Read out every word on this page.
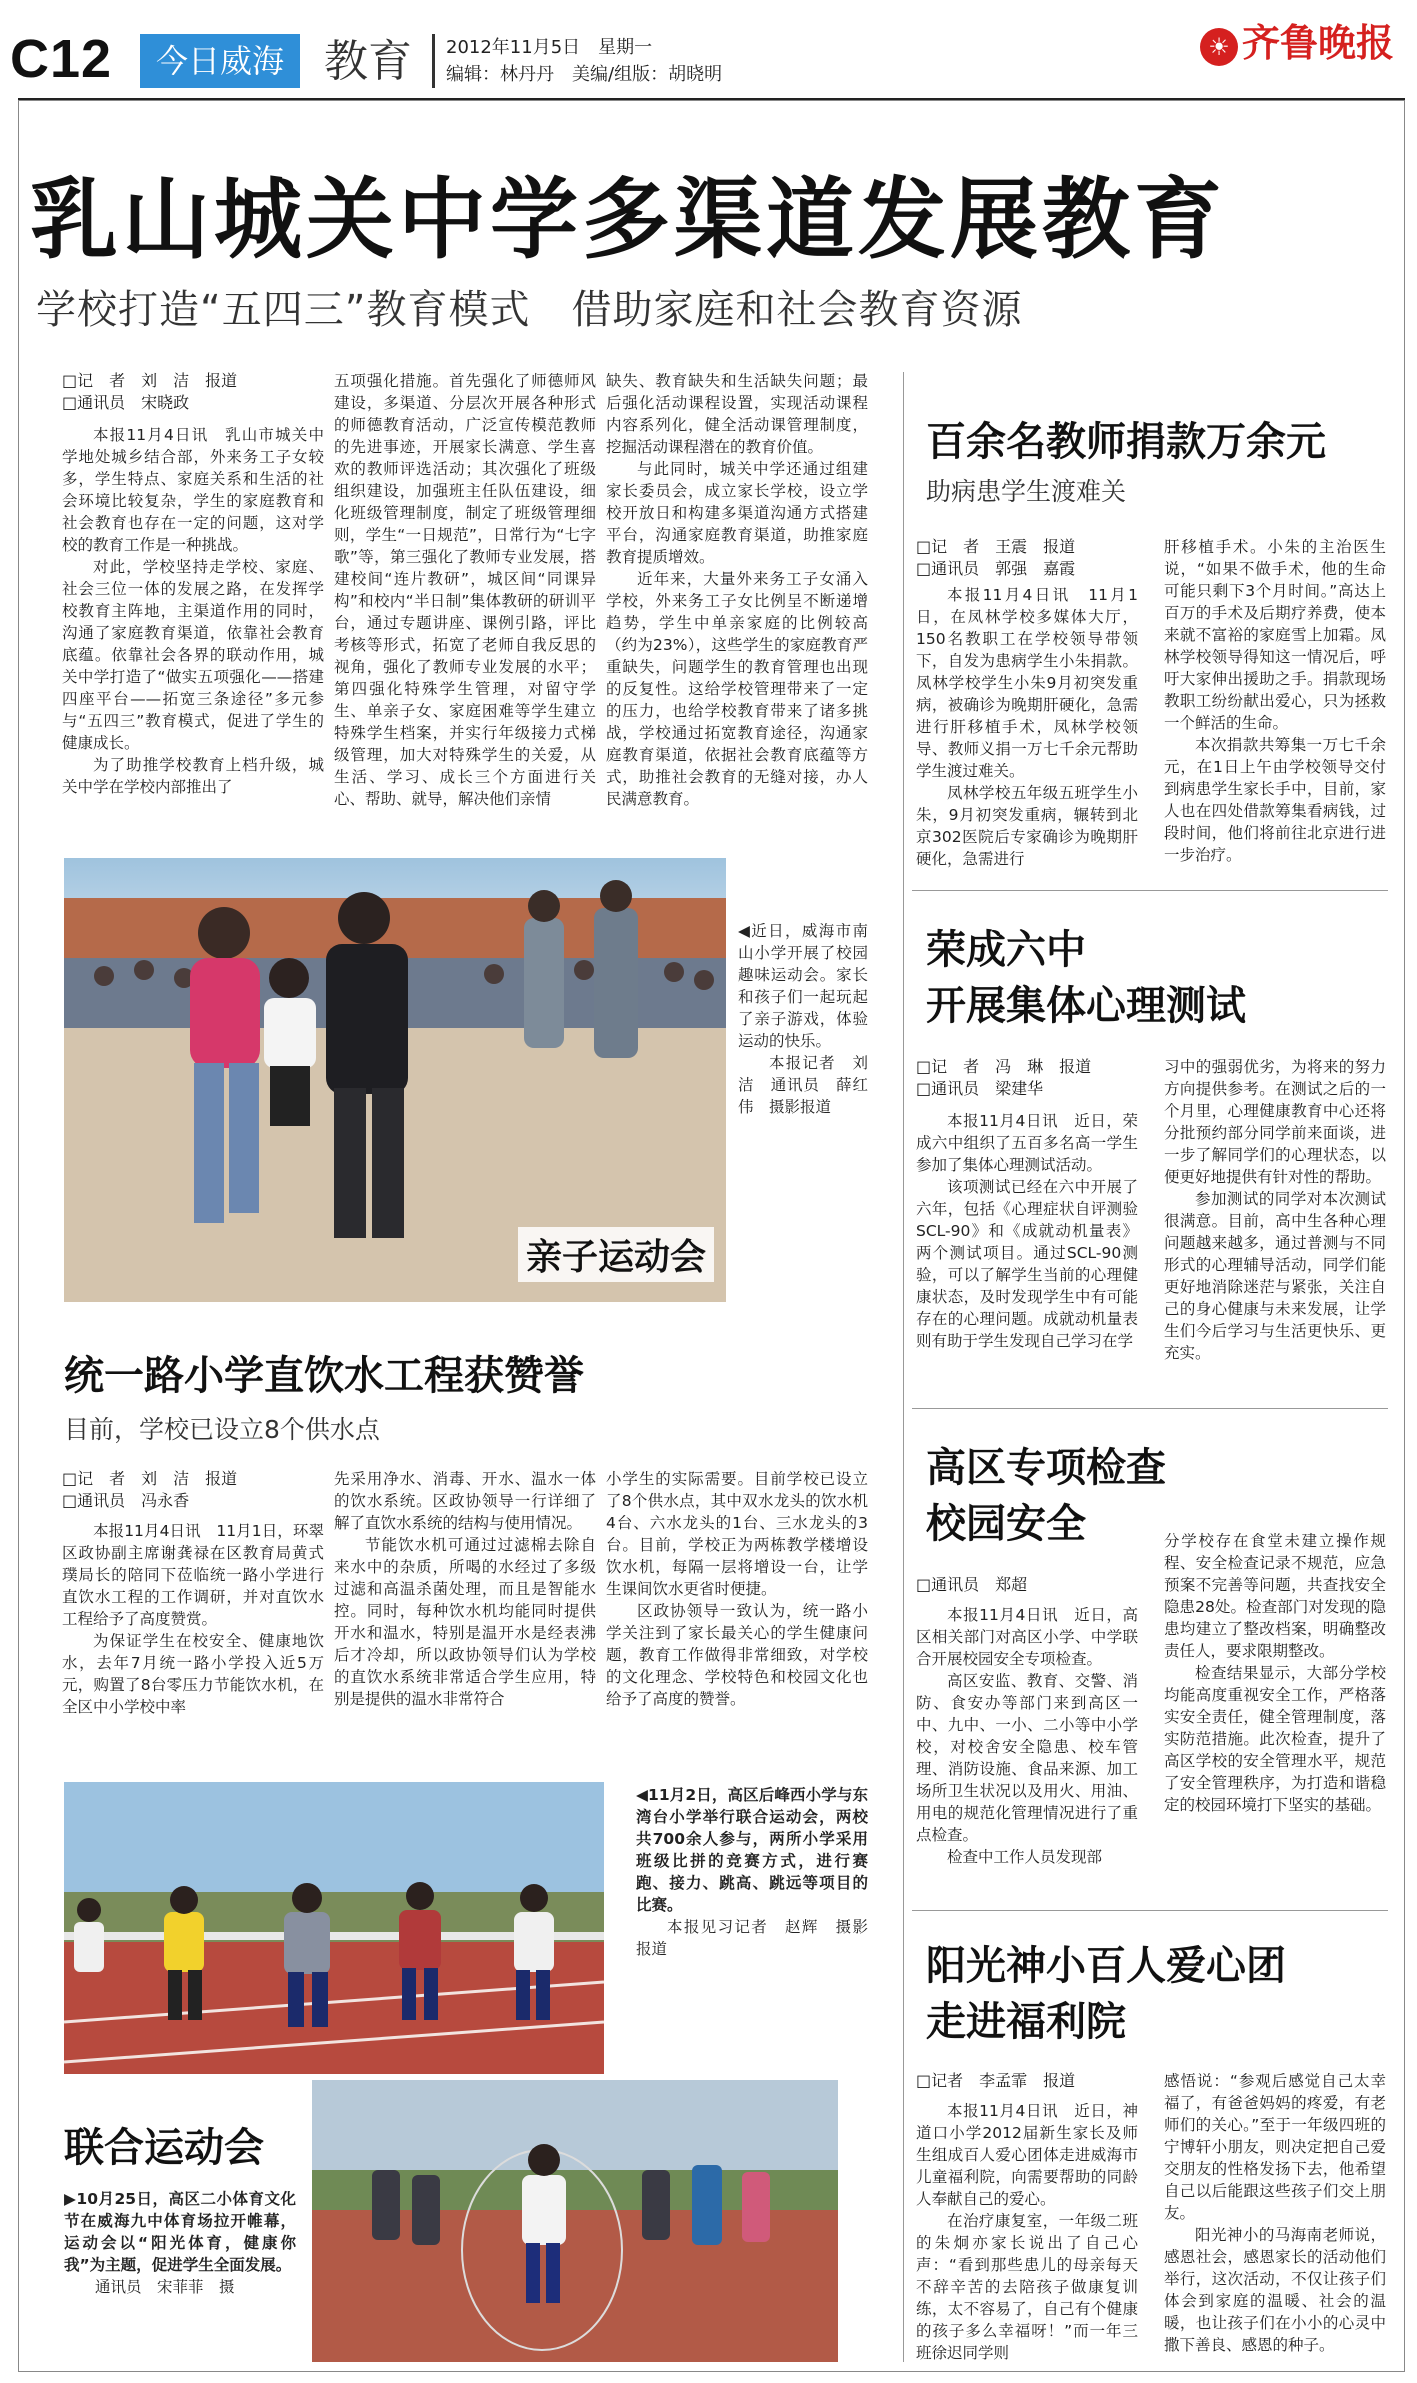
C12	今日威海 教育 2012年11月5日　星期一
编辑：林丹丹　美编/组版：胡晓明
☀ 齐鲁晚报
乳山城关中学多渠道发展教育
学校打造“五四三”教育模式　借助家庭和社会教育资源
□记　者　刘　洁　报道
□通讯员　宋晓政

本报11月4日讯　乳山市城关中学地处城乡结合部，外来务工子女较多，学生特点、家庭关系和生活的社会环境比较复杂，学生的家庭教育和社会教育也存在一定的问题，这对学校的教育工作是一种挑战。

对此，学校坚持走学校、家庭、社会三位一体的发展之路，在发挥学校教育主阵地，主渠道作用的同时，沟通了家庭教育渠道，依靠社会教育底蕴。依靠社会各界的联动作用，城关中学打造了“做实五项强化——搭建四座平台——拓宽三条途径”多元参与“五四三”教育模式，促进了学生的健康成长。

为了助推学校教育上档升级，城关中学在学校内部推出了

五项强化措施。首先强化了师德师风建设，多渠道、分层次开展各种形式的师德教育活动，广泛宣传模范教师的先进事迹，开展家长满意、学生喜欢的教师评选活动；其次强化了班级组织建设，加强班主任队伍建设，细化班级管理制度，制定了班级管理细则，学生“一日规范”，日常行为“七字歌”等，第三强化了教师专业发展，搭建校间“连片教研”，城区间“同课异构”和校内“半日制”集体教研的研训平台，通过专题讲座、课例引路，评比考核等形式，拓宽了老师自我反思的视角，强化了教师专业发展的水平；第四强化特殊学生管理，对留守学生、单亲子女、家庭困难等学生建立特殊学生档案，并实行年级接力式梯级管理，加大对特殊学生的关爱，从生活、学习、成长三个方面进行关心、帮助、就导，解决他们亲情

缺失、教育缺失和生活缺失问题；最后强化活动课程设置，实现活动课程内容系列化，健全活动课管理制度，挖掘活动课程潜在的教育价值。

与此同时，城关中学还通过组建家长委员会，成立家长学校，设立学校开放日和构建多渠道沟通方式搭建平台，沟通家庭教育渠道，助推家庭教育提质增效。

近年来，大量外来务工子女涌入学校，外来务工子女比例呈不断递增趋势，学生中单亲家庭的比例较高（约为23%），这些学生的家庭教育严重缺失，问题学生的教育管理也出现的反复性。这给学校管理带来了一定的压力，也给学校教育带来了诸多挑战，学校通过拓宽教育途径，沟通家庭教育渠道，依据社会教育底蕴等方式，助推社会教育的无缝对接，办人民满意教育。

亲子运动会
◀近日，威海市南山小学开展了校园趣味运动会。家长和孩子们一起玩起了亲子游戏，体验运动的快乐。
本报记者　刘洁　通讯员　薛红伟　摄影报道
统一路小学直饮水工程获赞誉
目前，学校已设立8个供水点
□记　者　刘　洁　报道
□通讯员　冯永香

本报11月4日讯　11月1日，环翠区政协副主席谢龚禄在区教育局黄式璞局长的陪同下莅临统一路小学进行直饮水工程的工作调研，并对直饮水工程给予了高度赞赏。

为保证学生在校安全、健康地饮水，去年7月统一路小学投入近5万元，购置了8台零压力节能饮水机，在全区中小学校中率

先采用净水、消毒、开水、温水一体的饮水系统。区政协领导一行详细了解了直饮水系统的结构与使用情况。

节能饮水机可通过过滤棉去除自来水中的杂质，所喝的水经过了多级过滤和高温杀菌处理，而且是智能水控。同时，每种饮水机均能同时提供开水和温水，特别是温开水是经表沸后才冷却，所以政协领导们认为学校的直饮水系统非常适合学生应用，特别是提供的温水非常符合

小学生的实际需要。目前学校已设立了8个供水点，其中双水龙头的饮水机4台、六水龙头的1台、三水龙头的3台。目前，学校正为两栋教学楼增设饮水机，每隔一层将增设一台，让学生课间饮水更省时便捷。

区政协领导一致认为，统一路小学关注到了家长最关心的学生健康问题，教育工作做得非常细致，对学校的文化理念、学校特色和校园文化也给予了高度的赞誉。

◀11月2日，高区后峰西小学与东湾台小学举行联合运动会，两校共700余人参与，两所小学采用班级比拼的竞赛方式，进行赛跑、接力、跳高、跳远等项目的比赛。
本报见习记者　赵辉　摄影报道
联合运动会
▶10月25日，高区二小体育文化节在威海九中体育场拉开帷幕，运动会以“阳光体育，健康你我”为主题，促进学生全面发展。
通讯员　宋菲菲　摄
百余名教师捐款万余元
助病患学生渡难关
□记　者　王震　报道
□通讯员　郭强　嘉霞

本报11月4日讯　11月1日，在凤林学校多媒体大厅，150名教职工在学校领导带领下，自发为患病学生小朱捐款。凤林学校学生小朱9月初突发重病，被确诊为晚期肝硬化，急需进行肝移植手术，凤林学校领导、教师义捐一万七千余元帮助学生渡过难关。

凤林学校五年级五班学生小朱，9月初突发重病，辗转到北京302医院后专家确诊为晚期肝硬化，急需进行

肝移植手术。小朱的主治医生说，“如果不做手术，他的生命可能只剩下3个月时间。”高达上百万的手术及后期疗养费，使本来就不富裕的家庭雪上加霜。凤林学校领导得知这一情况后，呼吁大家伸出援助之手。捐款现场教职工纷纷献出爱心，只为拯救一个鲜活的生命。

本次捐款共筹集一万七千余元，在1日上午由学校领导交付到病患学生家长手中，目前，家人也在四处借款筹集看病钱，过段时间，他们将前往北京进行进一步治疗。

荣成六中
开展集体心理测试
□记　者　冯　琳　报道
□通讯员　梁建华

本报11月4日讯　近日，荣成六中组织了五百多名高一学生参加了集体心理测试活动。

该项测试已经在六中开展了六年，包括《心理症状自评测验SCL-90》和《成就动机量表》两个测试项目。通过SCL-90测验，可以了解学生当前的心理健康状态，及时发现学生中有可能存在的心理问题。成就动机量表则有助于学生发现自己学习在学

习中的强弱优劣，为将来的努力方向提供参考。在测试之后的一个月里，心理健康教育中心还将分批预约部分同学前来面谈，进一步了解同学们的心理状态，以便更好地提供有针对性的帮助。

参加测试的同学对本次测试很满意。目前，高中生各种心理问题越来越多，通过普测与不同形式的心理辅导活动，同学们能更好地消除迷茫与紧张，关注自己的身心健康与未来发展，让学生们今后学习与生活更快乐、更充实。

高区专项检查
校园安全
□通讯员　郑超

本报11月4日讯　近日，高区相关部门对高区小学、中学联合开展校园安全专项检查。

高区安监、教育、交警、消防、食安办等部门来到高区一中、九中、一小、二小等中小学校，对校舍安全隐患、校车管理、消防设施、食品来源、加工场所卫生状况以及用火、用油、用电的规范化管理情况进行了重点检查。

检查中工作人员发现部

分学校存在食堂未建立操作规程、安全检查记录不规范，应急预案不完善等问题，共查找安全隐患28处。检查部门对发现的隐患均建立了整改档案，明确整改责任人，要求限期整改。

检查结果显示，大部分学校均能高度重视安全工作，严格落实安全责任，健全管理制度，落实防范措施。此次检查，提升了高区学校的安全管理水平，规范了安全管理秩序，为打造和谐稳定的校园环境打下坚实的基础。

阳光神小百人爱心团
走进福利院
□记者　李孟霏　报道

本报11月4日讯　近日，神道口小学2012届新生家长及师生组成百人爱心团体走进威海市儿童福利院，向需要帮助的同龄人奉献自己的爱心。

在治疗康复室，一年级二班的朱炯亦家长说出了自己心声：“看到那些患儿的母亲每天不辞辛苦的去陪孩子做康复训练，太不容易了，自己有个健康的孩子多么幸福呀！”而一年三班徐迟同学则

感悟说：“参观后感觉自己太幸福了，有爸爸妈妈的疼爱，有老师们的关心。”至于一年级四班的宁博轩小朋友，则决定把自己爱交朋友的性格发扬下去，他希望自己以后能跟这些孩子们交上朋友。

阳光神小的马海南老师说，感恩社会，感恩家长的活动他们举行，这次活动，不仅让孩子们体会到家庭的温暖、社会的温暖，也让孩子们在小小的心灵中撒下善良、感恩的种子。
